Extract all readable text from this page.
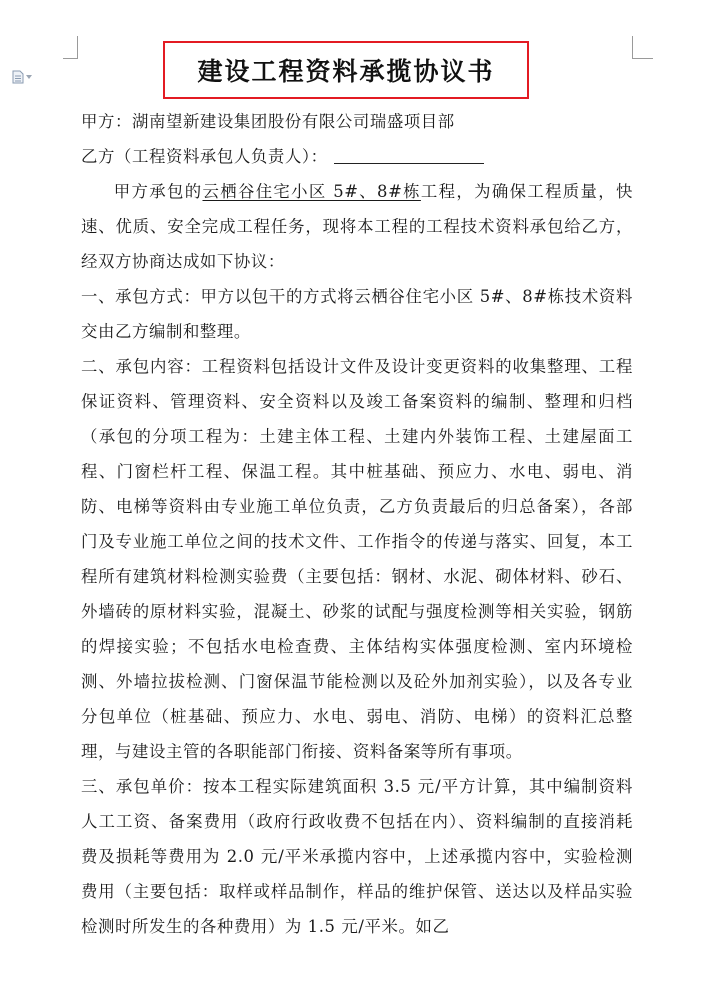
建设工程资料承揽协议书

甲方：湖南望新建设集团股份有限公司瑞盛项目部

乙方（工程资料承包人负责人）：

甲方承包的云栖谷住宅小区 5#、8#栋工程，为确保工程质量，快速、优质、安全完成工程任务，现将本工程的工程技术资料承包给乙方，经双方协商达成如下协议：

一、承包方式：甲方以包干的方式将云栖谷住宅小区 5#、8#栋技术资料交由乙方编制和整理。

二、承包内容：工程资料包括设计文件及设计变更资料的收集整理、工程保证资料、管理资料、安全资料以及竣工备案资料的编制、整理和归档（承包的分项工程为：土建主体工程、土建内外装饰工程、土建屋面工程、门窗栏杆工程、保温工程。其中桩基础、预应力、水电、弱电、消防、电梯等资料由专业施工单位负责，乙方负责最后的归总备案），各部门及专业施工单位之间的技术文件、工作指令的传递与落实、回复，本工程所有建筑材料检测实验费（主要包括：钢材、水泥、砌体材料、砂石、外墙砖的原材料实验，混凝土、砂浆的试配与强度检测等相关实验，钢筋的焊接实验；不包括水电检查费、主体结构实体强度检测、室内环境检测、外墙拉拔检测、门窗保温节能检测以及砼外加剂实验），以及各专业分包单位（桩基础、预应力、水电、弱电、消防、电梯）的资料汇总整理，与建设主管的各职能部门衔接、资料备案等所有事项。

三、承包单价：按本工程实际建筑面积 3.5 元/平方计算，其中编制资料人工工资、备案费用（政府行政收费不包括在内）、资料编制的直接消耗费及损耗等费用为 2.0 元/平米承揽内容中，上述承揽内容中，实验检测费用（主要包括：取样或样品制作，样品的维护保管、送达以及样品实验检测时所发生的各种费用）为 1.5 元/平米。如乙
